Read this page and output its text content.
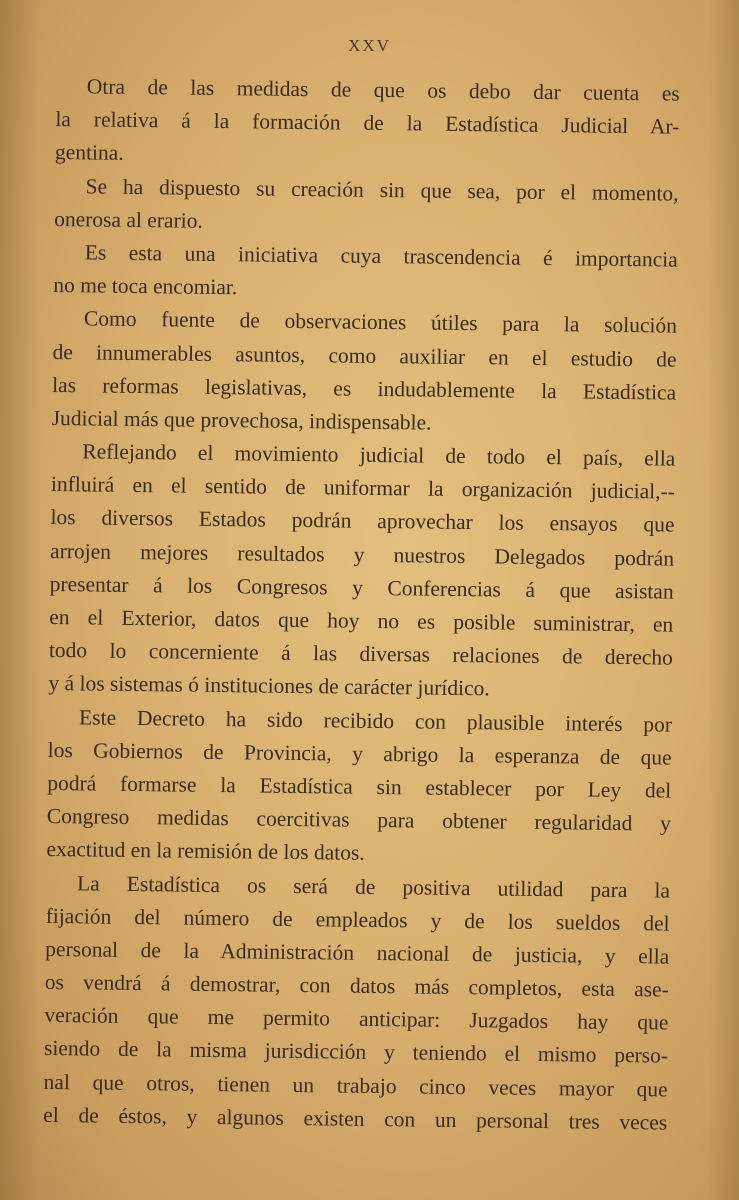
XXV
Otra de las medidas de que os debo dar cuenta es
la relativa á la formación de la Estadística Judicial Ar-
gentina.
Se ha dispuesto su creación sin que sea, por el momento,
onerosa al erario.
Es esta una iniciativa cuya trascendencia é importancia
no me toca encomiar.
Como fuente de observaciones útiles para la solución
de innumerables asuntos, como auxiliar en el estudio de
las reformas legislativas, es indudablemente la Estadística
Judicial más que provechosa, indispensable.
Reflejando el movimiento judicial de todo el país, ella
influirá en el sentido de uniformar la organización judicial,--
los diversos Estados podrán aprovechar los ensayos que
arrojen mejores resultados y nuestros Delegados podrán
presentar á los Congresos y Conferencias á que asistan
en el Exterior, datos que hoy no es posible suministrar, en
todo lo concerniente á las diversas relaciones de derecho
y á los sistemas ó instituciones de carácter jurídico.
Este Decreto ha sido recibido con plausible interés por
los Gobiernos de Provincia, y abrigo la esperanza de que
podrá formarse la Estadística sin establecer por Ley del
Congreso medidas coercitivas para obtener regularidad y
exactitud en la remisión de los datos.
La Estadística os será de positiva utilidad para la
fijación del número de empleados y de los sueldos del
personal de la Administración nacional de justicia, y ella
os vendrá á demostrar, con datos más completos, esta ase-
veración que me permito anticipar: Juzgados hay que
siendo de la misma jurisdicción y teniendo el mismo perso-
nal que otros, tienen un trabajo cinco veces mayor que
el de éstos, y algunos existen con un personal tres veces
